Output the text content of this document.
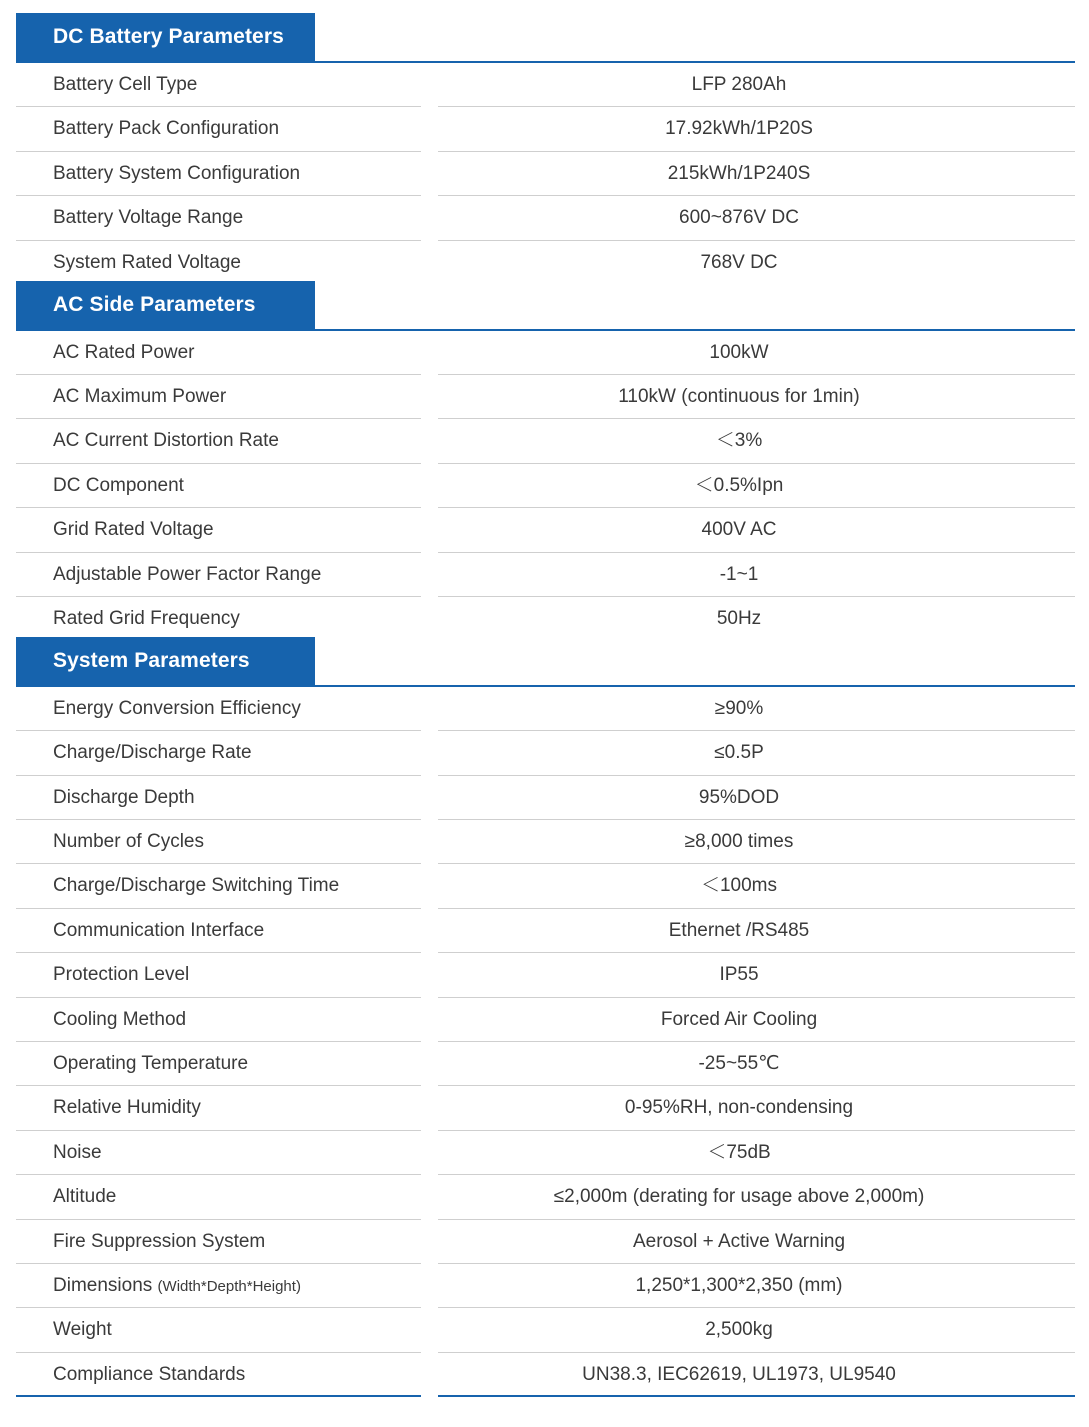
DC Battery Parameters
Battery Cell Type	LFP 280Ah
Battery Pack Configuration	17.92kWh/1P20S
Battery System Configuration	215kWh/1P240S
Battery Voltage Range	600~876V DC
System Rated Voltage	768V DC
AC Side Parameters
AC Rated Power	100kW
AC Maximum Power	110kW (continuous for 1min)
AC Current Distortion Rate	＜3%
DC Component	＜0.5%Ipn
Grid Rated Voltage	400V AC
Adjustable Power Factor Range	-1~1
Rated Grid Frequency	50Hz
System Parameters
Energy Conversion Efficiency	≥90%
Charge/Discharge Rate	≤0.5P
Discharge Depth	95%DOD
Number of Cycles	≥8,000 times
Charge/Discharge Switching Time	＜100ms
Communication Interface	Ethernet /RS485
Protection Level	IP55
Cooling Method	Forced Air Cooling
Operating Temperature	-25~55℃
Relative Humidity	0-95%RH, non-condensing
Noise	＜75dB
Altitude	≤2,000m (derating for usage above 2,000m)
Fire Suppression System	Aerosol + Active Warning
Dimensions (Width*Depth*Height)	1,250*1,300*2,350 (mm)
Weight	2,500kg
Compliance Standards	UN38.3, IEC62619, UL1973, UL9540
